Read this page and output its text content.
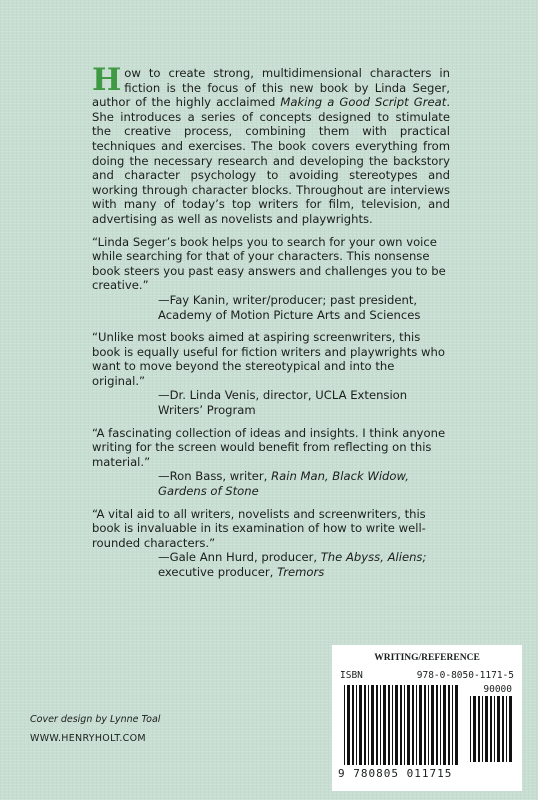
How to create strong, multidimensional characters in fiction is the focus of this new book by Linda Seger, author of the highly acclaimed Making a Good Script Great. She introduces a series of concepts designed to stimulate the creative process, combining them with practical techniques and exercises. The book covers everything from doing the necessary research and developing the backstory and character psychology to avoiding stereotypes and working through character blocks. Throughout are interviews with many of today’s top writers for film, television, and advertising as well as novelists and playwrights.

“Linda Seger’s book helps you to search for your own voice while searching for that of your characters. This nonsense book steers you past easy answers and challenges you to be creative.”

—Fay Kanin, writer/producer; past president,
Academy of Motion Picture Arts and Sciences

“Unlike most books aimed at aspiring screenwriters, this book is equally useful for fiction writers and playwrights who want to move beyond the stereotypical and into the original.”

—Dr. Linda Venis, director, UCLA Extension
Writers’ Program

“A fascinating collection of ideas and insights. I think anyone writing for the screen would benefit from reflecting on this material.”

—Ron Bass, writer, Rain Man, Black Widow,
Gardens of Stone

“A vital aid to all writers, novelists and screenwriters, this book is invaluable in its examination of how to write well-rounded characters.”

—Gale Ann Hurd, producer, The Abyss, Aliens;
executive producer, Tremors

Cover design by Lynne Toal
WWW.HENRYHOLT.COM
WRITING/REFERENCE
ISBN	978-0-8050-1171-5
90000
9 780805 011715
